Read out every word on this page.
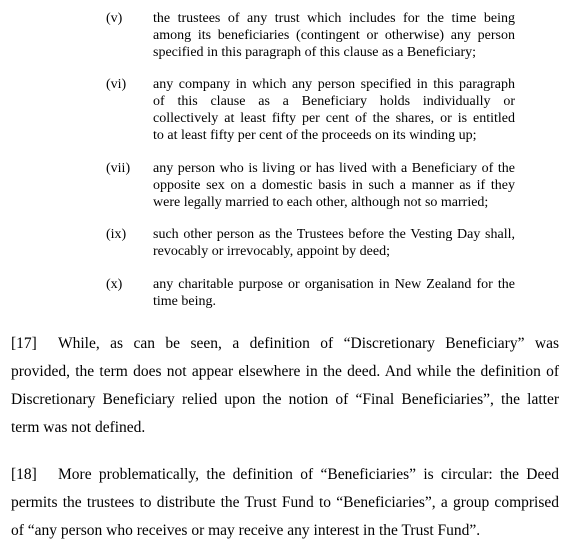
(v) the trustees of any trust which includes for the time being
among its beneficiaries (contingent or otherwise) any person
specified in this paragraph of this clause as a Beneficiary;
(vi) any company in which any person specified in this paragraph
of this clause as a Beneficiary holds individually or
collectively at least fifty per cent of the shares, or is entitled
to at least fifty per cent of the proceeds on its winding up;
(vii) any person who is living or has lived with a Beneficiary of the
opposite sex on a domestic basis in such a manner as if they
were legally married to each other, although not so married;
(ix) such other person as the Trustees before the Vesting Day shall,
revocably or irrevocably, appoint by deed;
(x) any charitable purpose or organisation in New Zealand for the
time being.
[17] While, as can be seen, a definition of “Discretionary Beneficiary” was
provided, the term does not appear elsewhere in the deed. And while the definition of
Discretionary Beneficiary relied upon the notion of “Final Beneficiaries”, the latter
term was not defined.
[18] More problematically, the definition of “Beneficiaries” is circular: the Deed
permits the trustees to distribute the Trust Fund to “Beneficiaries”, a group comprised
of “any person who receives or may receive any interest in the Trust Fund”.
